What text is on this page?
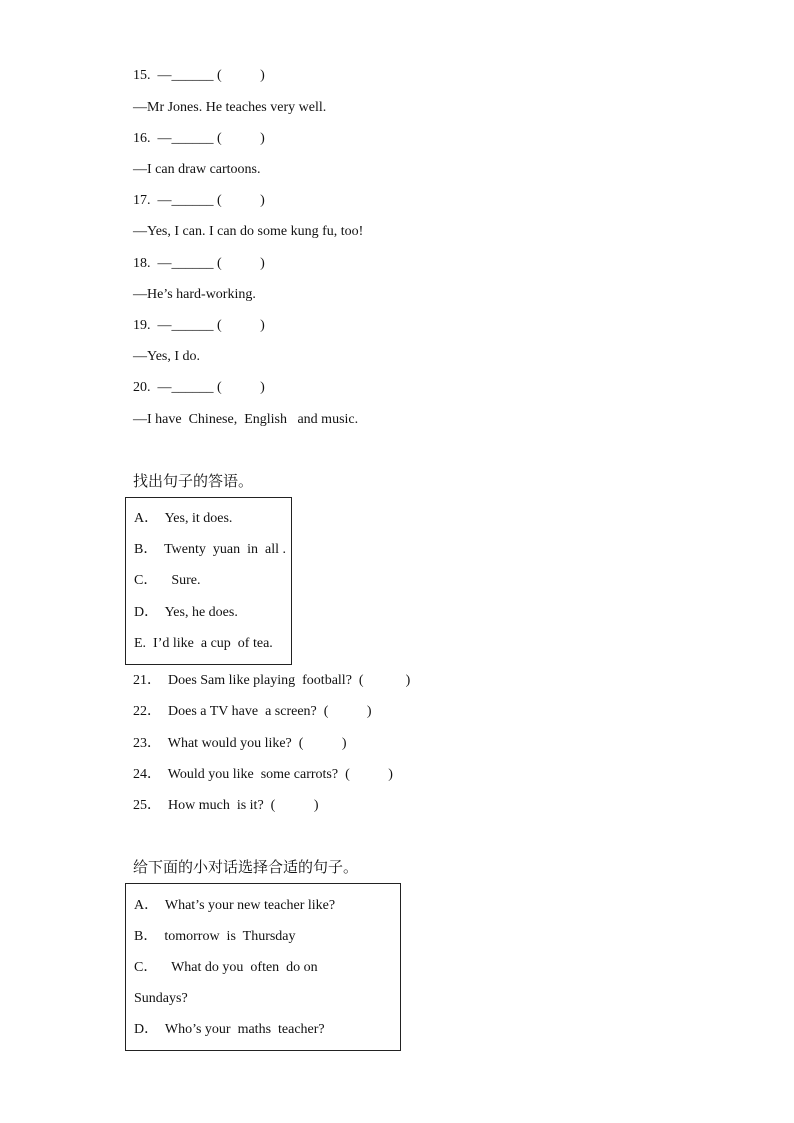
15.  —______ (           )
—Mr Jones. He teaches very well.
16.  —______ (           )
—I can draw cartoons.
17.  —______ (           )
—Yes, I can. I can do some kung fu, too!
18.  —______ (           )
—He’s hard-working.
19.  —______ (           )
—Yes, I do.
20.  —______ (           )
—I have  Chinese,  English   and music.
找出句子的答语。
A．  Yes, it does.
B．  Twenty  yuan  in  all .
C．    Sure.
D．  Yes, he does.
E.  I’d like  a cup  of tea.
21．  Does Sam like playing  football?  (            )
22．  Does a TV have  a screen?  (           )
23．  What would you like?  (           )
24．  Would you like  some carrots?  (           )
25．  How much  is it?  (           )
给下面的小对话选择合适的句子。
A．  What’s your new teacher like?
B．  tomorrow  is  Thursday
C．    What do you  often  do on
Sundays?
D．  Who’s your  maths  teacher?
